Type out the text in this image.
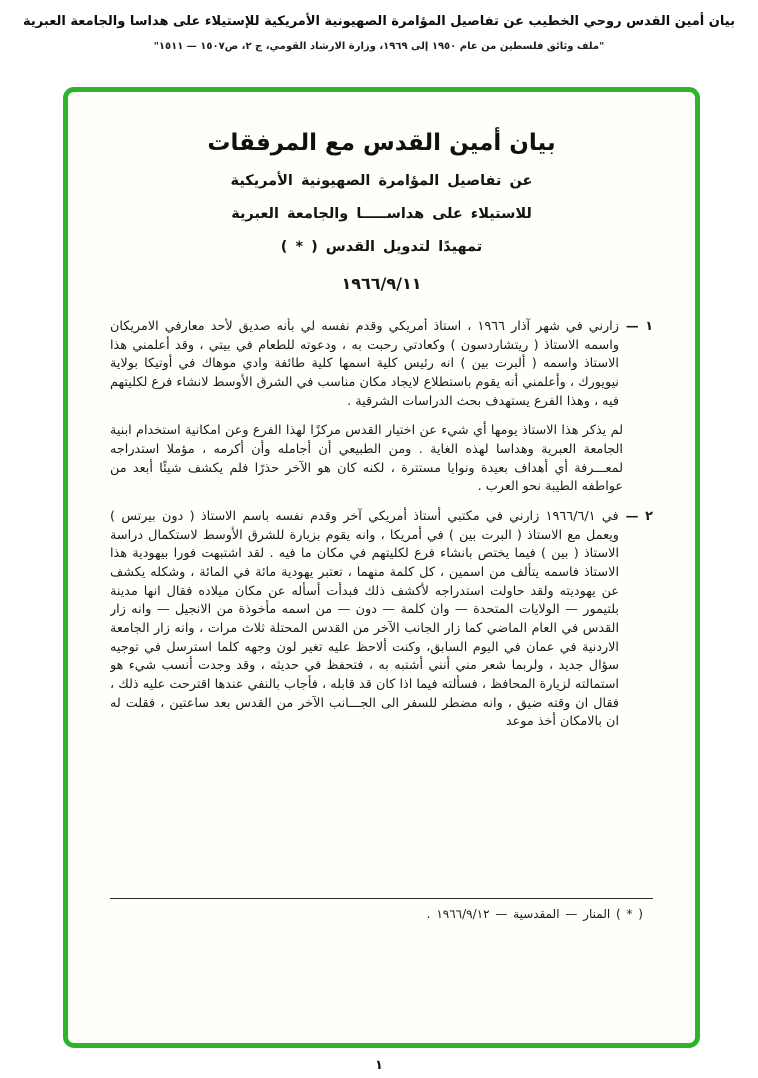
بيان أمين القدس روحي الخطيب عن تفاصيل المؤامرة الصهيونية الأمريكية للإستيلاء على هداسا والجامعة العبرية
"ملف وثائق فلسطين من عام ١٩٥٠ إلى ١٩٦٩، وزارة الارشاد القومي، ج ٢، ص١٥٠٧ — ١٥١١"
بيان أمين القدس مع المرفقات
عن تفاصيل المؤامرة الصهيونية الأمريكية
للاستيلاء على هداســـــا والجامعة العبرية
تمهيدًا لتدويل القدس ( * )
١٩٦٦/٩/١١
١ —زارني في شهر آذار ١٩٦٦ ، استاذ أمريكي وقدم نفسه لي بأنه صديق لأحد معارفي الامريكان واسمه الاستاذ ( ريتشاردسون ) وكعادتي رحبت به ، ودعوته للطعام في بيتي ، وقد أعلمني هذا الاستاذ واسمه ( ألبرت بين ) انه رئيس كلية اسمها كلية طائفة وادي موهاك في أوتيكا بولاية نيويورك ، وأعلمني أنه يقوم باستطلاع لايجاد مكان مناسب في الشرق الأوسط لانشاء فرع لكليتهم فيه ، وهذا الفرع يستهدف بحث الدراسات الشرقية .
لم يذكر هذا الاستاذ يومها أي شيء عن اختيار القدس مركزًا لهذا الفرع وعن امكانية استخدام ابنية الجامعة العبرية وهداسا لهذه الغاية . ومن الطبيعي أن أجامله وأن أكرمه ، مؤملا استدراجه لمعـــرفة أي أهداف بعيدة ونوايا مستترة ، لكنه كان هو الآخر حذرًا فلم يكشف شيئًا أبعد من عواطفه الطيبة نحو العرب .
٢ —في ١٩٦٦/٦/١ زارني في مكتبي أستاذ أمريكي آخر وقدم نفسه باسم الاستاذ ( دون بيرتس ) ويعمل مع الاستاذ ( البرت بين ) في أمريكا ، وانه يقوم بزيارة للشرق الأوسط لاستكمال دراسة الاستاذ ( بين ) فيما يختص بانشاء فرع لكليتهم في مكان ما فيه . لقد اشتبهت فورا بيهودية هذا الاستاذ فاسمه يتألف من اسمين ، كل كلمة منهما ، تعتبر يهودية مائة في المائة ، وشكله يكشف عن يهوديته ولقد حاولت استدراجه لأكشف ذلك فبدأت أسأله عن مكان ميلاده فقال انها مدينة بلتيمور — الولايات المتحدة — وان كلمة — دون — من اسمه مأخوذة من الانجيل — وانه زار القدس في العام الماضي كما زار الجانب الآخر من القدس المحتلة ثلاث مرات ، وانه زار الجامعة الاردنية في عمان في اليوم السابق، وكنت ألاحظ عليه تغير لون وجهه كلما استرسل في توجيه سؤال جديد ، ولربما شعر مني أنني أشتبه به ، فتحفظ في حديثه ، وقد وجدت أنسب شيء هو استمالته لزيارة المحافظ ، فسألته فيما اذا كان قد قابله ، فأجاب بالنفي عندها اقترحت عليه ذلك ، فقال ان وقته ضيق ، وانه مضطر للسفر الى الجـــانب الآخر من القدس بعد ساعتين ، فقلت له ان بالامكان أخذ موعد
( * ) المنار — المقدسية — ١٩٦٦/٩/١٢ .
١
